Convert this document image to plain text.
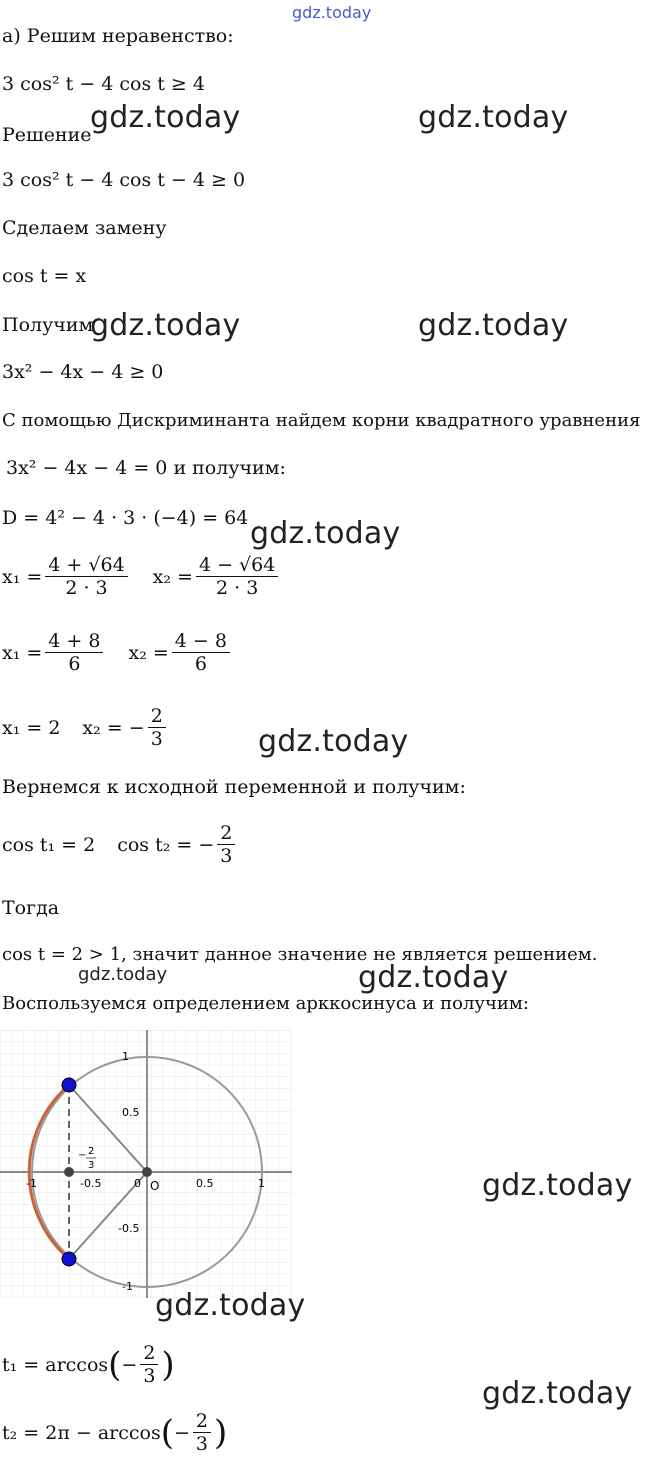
gdz.today
а) Решим неравенство:
3 cos² t − 4 cos t ≥ 4
Решение
3 cos² t − 4 cos t − 4 ≥ 0
Сделаем замену
cos t = x
Получим
3x² − 4x − 4 ≥ 0
С помощью Дискриминанта найдем корни квадратного уравнения
3x² − 4x − 4 = 0 и получим:
D = 4² − 4 · 3 · (−4) = 64
$x_1 = \frac{4 + √64}{2 \cdot 3} x_2 = \frac{4 - √64}{2 \cdot 3}$
$x_1 = \frac{4 + 8}{6} x_2 = \frac{4 - 8}{6}$
x₁ = 2 x₂ = − $\frac{2}{3}$
Вернемся к исходной переменной и получим:
cos t₁ = 2 cos t₂ = − $\frac{2}{3}$
Тогда
cos t = 2 > 1, значит данное значение не является решением.
Воспользуемся определением арккосинуса и получим:
1
0.5
-0.5
-1
-1	-0.5	0	0.5	1
O
− 2
3
t₁ = arccos ( − $\frac{2}{3}$ )
t₂ = 2π − arccos ( − $\frac{2}{3}$ )
gdz.today	gdz.today
gdz.today	gdz.today
gdz.today
gdz.today
gdz.today	gdz.today
gdz.today
gdz.today
gdz.today
